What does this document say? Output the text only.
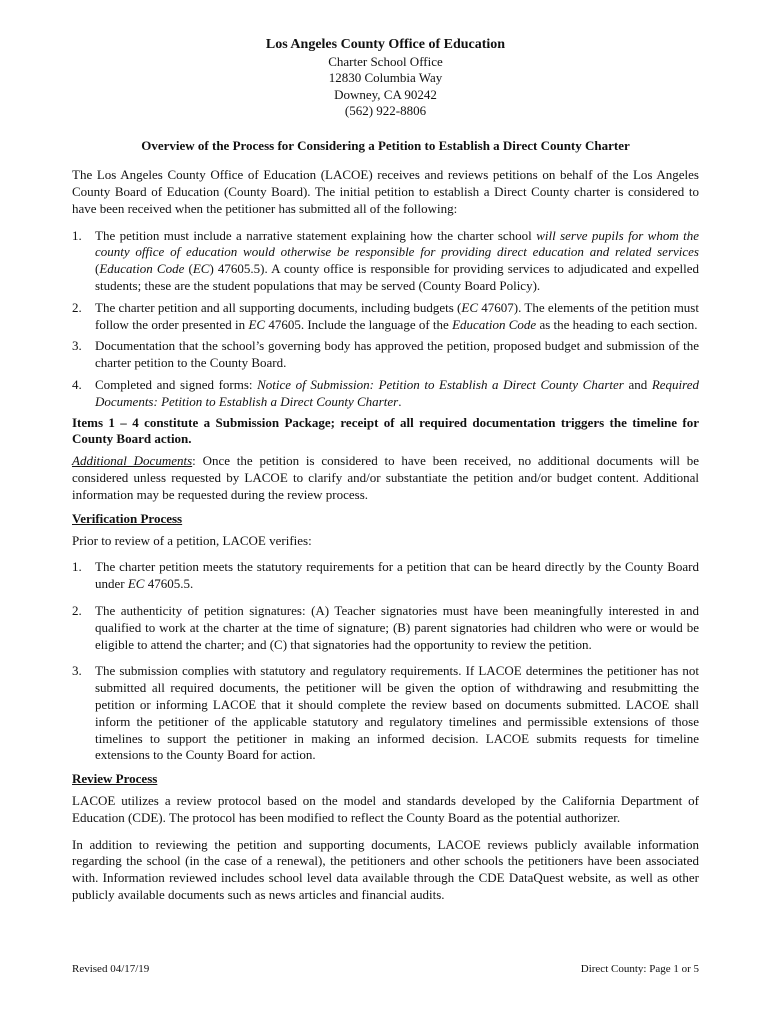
Los Angeles County Office of Education
Charter School Office
12830 Columbia Way
Downey, CA 90242
(562) 922-8806
Overview of the Process for Considering a Petition to Establish a Direct County Charter

The Los Angeles County Office of Education (LACOE) receives and reviews petitions on behalf of the Los Angeles County Board of Education (County Board). The initial petition to establish a Direct County charter is considered to have been received when the petitioner has submitted all of the following:

1. The petition must include a narrative statement explaining how the charter school will serve pupils for whom the county office of education would otherwise be responsible for providing direct education and related services (Education Code (EC) 47605.5). A county office is responsible for providing services to adjudicated and expelled students; these are the student populations that may be served (County Board Policy).
2. The charter petition and all supporting documents, including budgets (EC 47607). The elements of the petition must follow the order presented in EC 47605. Include the language of the Education Code as the heading to each section.
3. Documentation that the school’s governing body has approved the petition, proposed budget and submission of the charter petition to the County Board.
4. Completed and signed forms: Notice of Submission: Petition to Establish a Direct County Charter and Required Documents: Petition to Establish a Direct County Charter.

Items 1 – 4 constitute a Submission Package; receipt of all required documentation triggers the timeline for County Board action.

Additional Documents: Once the petition is considered to have been received, no additional documents will be considered unless requested by LACOE to clarify and/or substantiate the petition and/or budget content. Additional information may be requested during the review process.

Verification Process

Prior to review of a petition, LACOE verifies:

1. The charter petition meets the statutory requirements for a petition that can be heard directly by the County Board under EC 47605.5.
2. The authenticity of petition signatures: (A) Teacher signatories must have been meaningfully interested in and qualified to work at the charter at the time of signature; (B) parent signatories had children who were or would be eligible to attend the charter; and (C) that signatories had the opportunity to review the petition.
3. The submission complies with statutory and regulatory requirements. If LACOE determines the petitioner has not submitted all required documents, the petitioner will be given the option of withdrawing and resubmitting the petition or informing LACOE that it should complete the review based on documents submitted. LACOE shall inform the petitioner of the applicable statutory and regulatory timelines and permissible extensions of those timelines to support the petitioner in making an informed decision. LACOE submits requests for timeline extensions to the County Board for action.
Review Process

LACOE utilizes a review protocol based on the model and standards developed by the California Department of Education (CDE). The protocol has been modified to reflect the County Board as the potential authorizer.

In addition to reviewing the petition and supporting documents, LACOE reviews publicly available information regarding the school (in the case of a renewal), the petitioners and other schools the petitioners have been associated with. Information reviewed includes school level data available through the CDE DataQuest website, as well as other publicly available documents such as news articles and financial audits.

Revised 04/17/19	Direct County: Page 1 or 5
